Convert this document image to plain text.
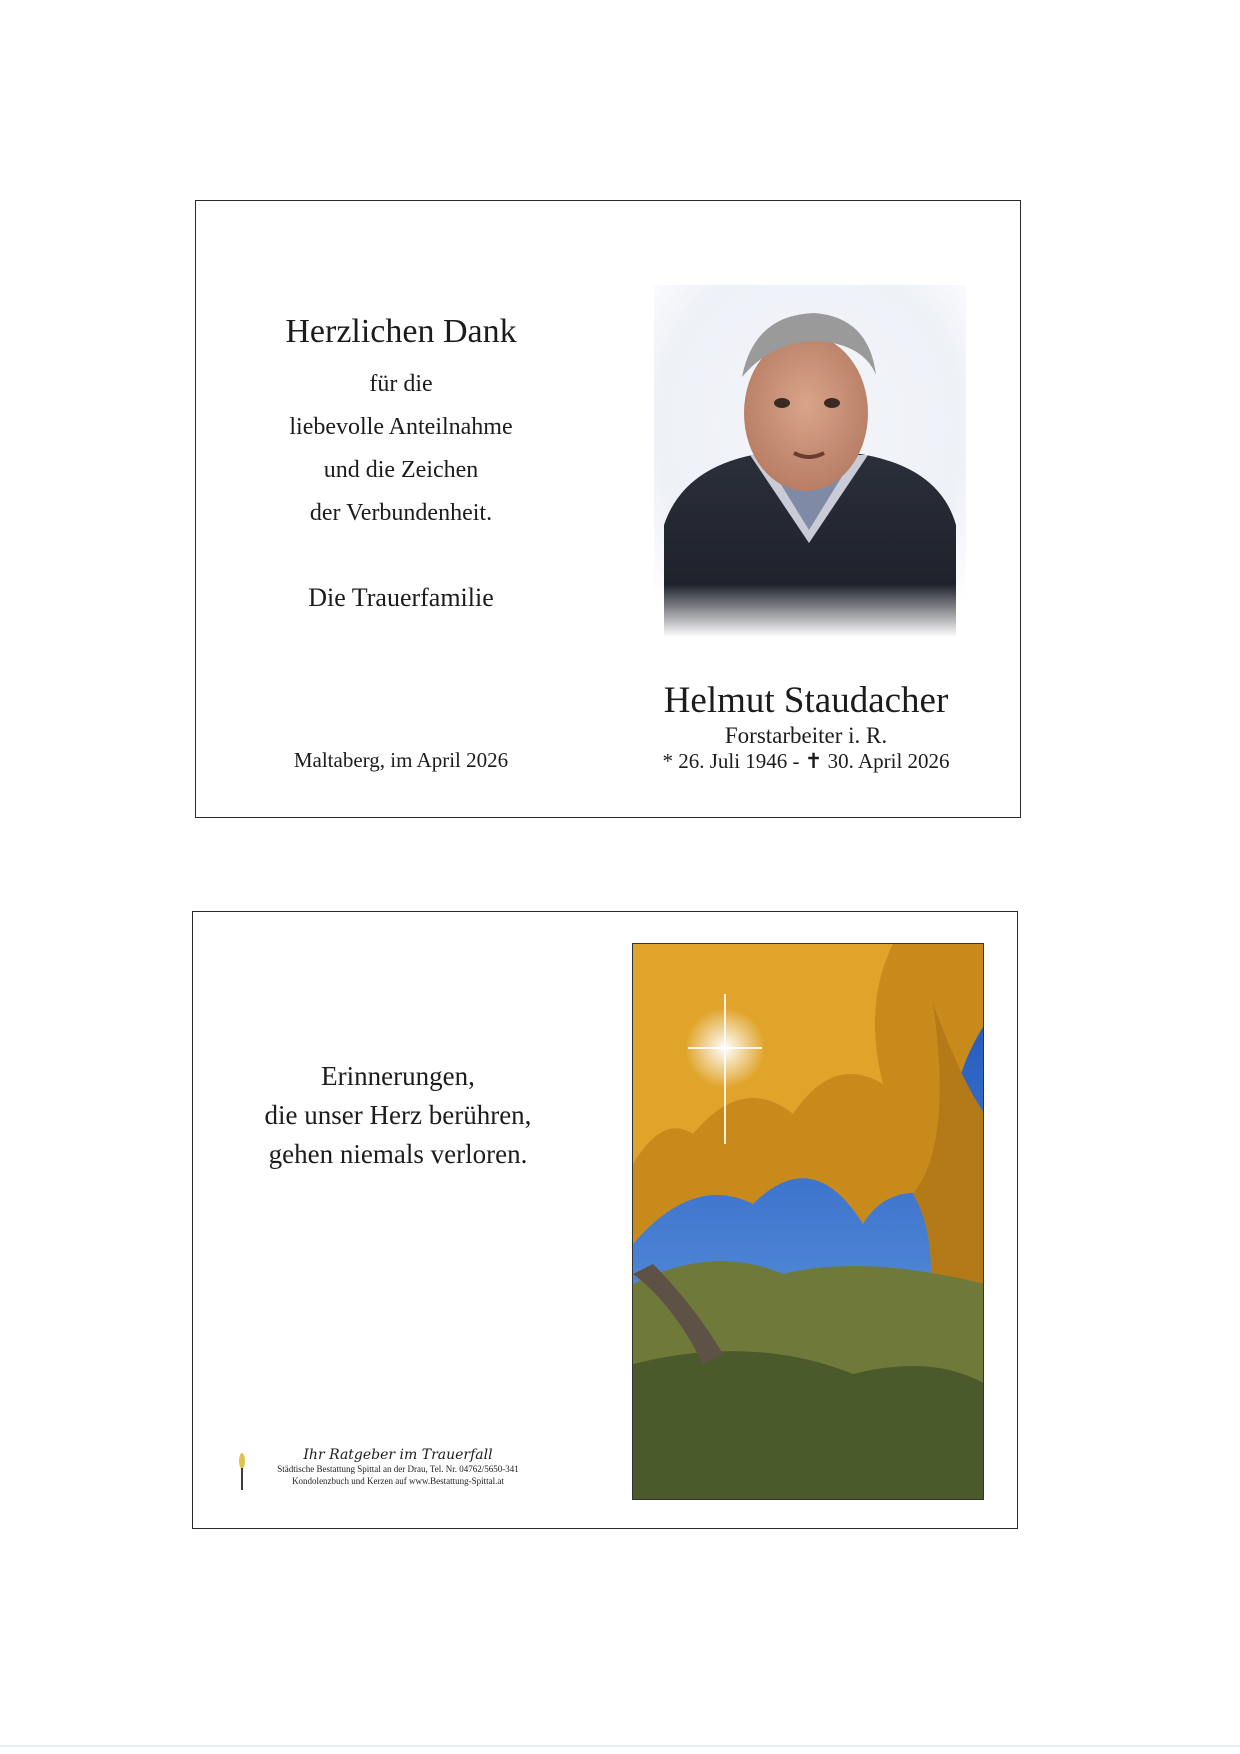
Herzlichen Dank
für die
liebevolle Anteilnahme
und die Zeichen
der Verbundenheit.
Die Trauerfamilie
Maltaberg, im April 2026
Helmut Staudacher
Forstarbeiter i. R.
* 26. Juli 1946 - ✝ 30. April 2026
Erinnerungen,
die unser Herz berühren,
gehen niemals verloren.
Ihr Ratgeber im Trauerfall
Städtische Bestattung Spittal an der Drau, Tel. Nr. 04762/5650-341
Kondolenzbuch und Kerzen auf www.Bestattung-Spittal.at
